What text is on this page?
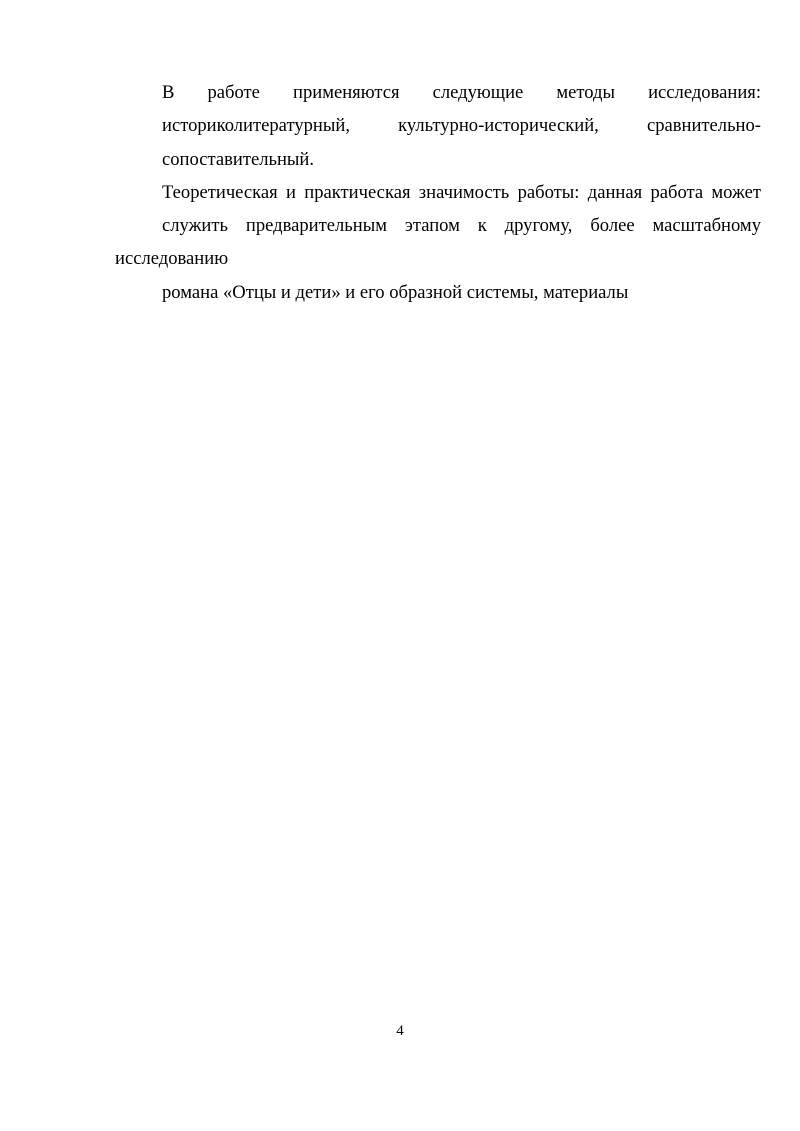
В работе применяются следующие методы исследования:
историколитературный, культурно-исторический, сравнительно-
сопоставительный.

Теоретическая и практическая значимость работы: данная работа может
служить предварительным этапом к другому, более масштабному исследованию
романа «Отцы и дети» и его образной системы, материалы

4
